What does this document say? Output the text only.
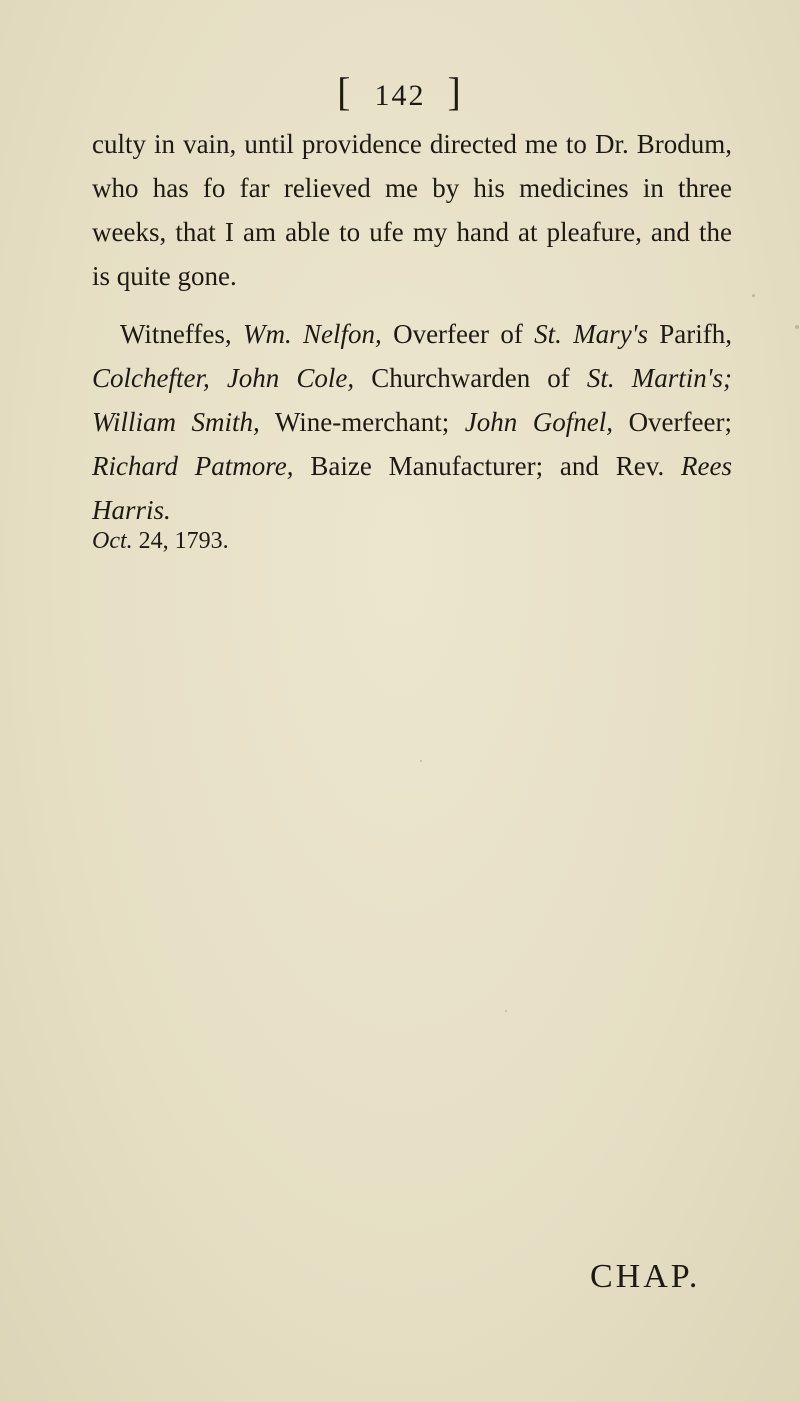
[ 142 ]
culty in vain, until providence directed me to Dr. Brodum,
who has fo far relieved me by his medicines in three
weeks, that I am able to ufe my hand at pleafure, and the
is quite gone.
Witneffes, Wm. Nelfon, Overfeer of St. Mary's Parifh,
Colchefter, John Cole, Churchwarden of St. Martin's;
William Smith, Wine-merchant; John Gofnel, Overfeer;
Richard Patmore, Baize Manufacturer; and Rev. Rees
Harris.
Oct. 24, 1793.
CHAP.
